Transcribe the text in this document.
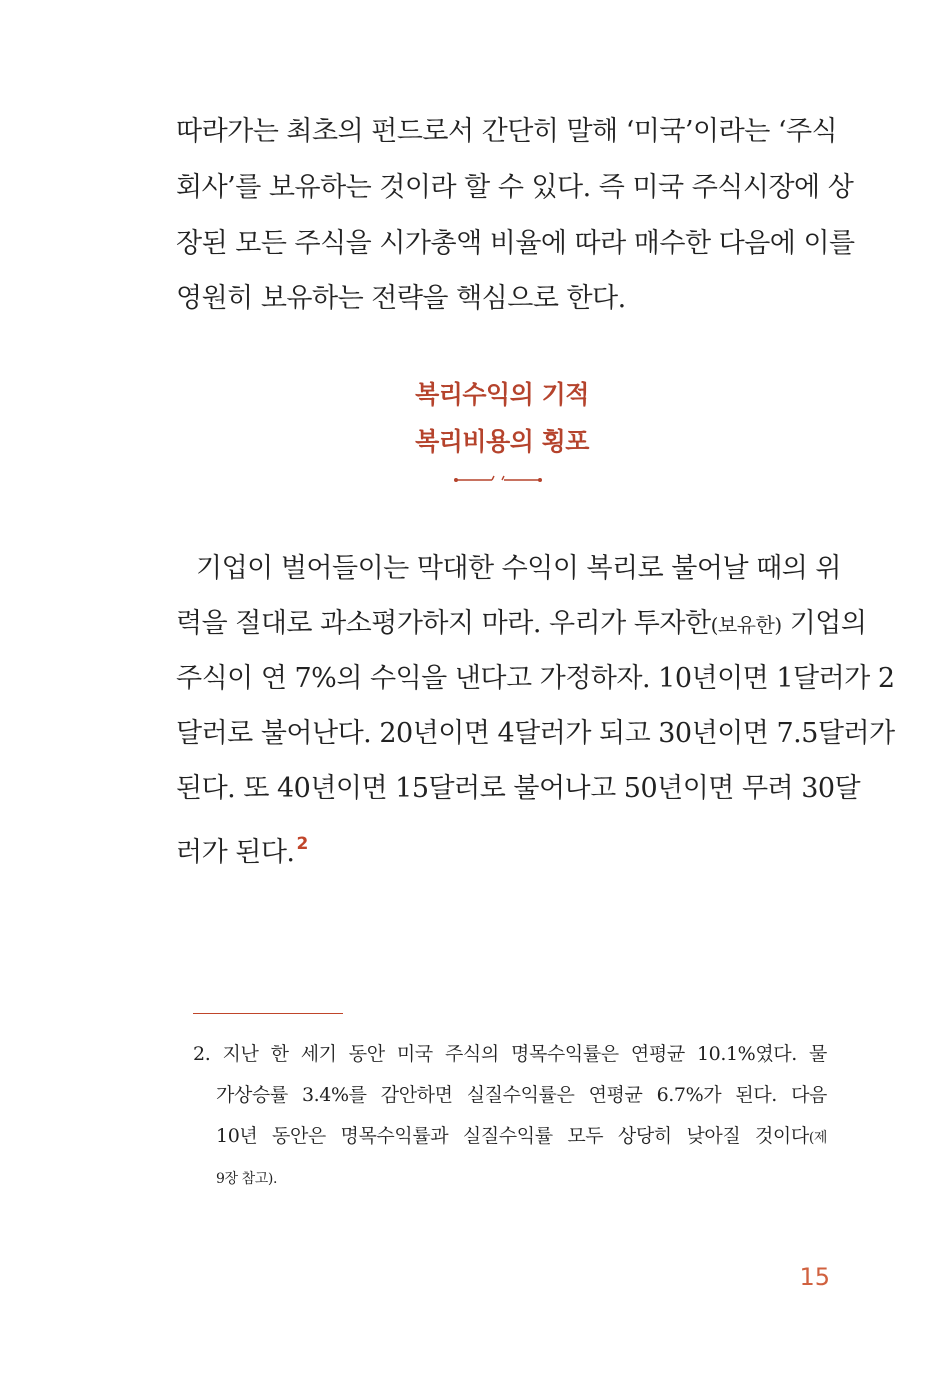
따라가는 최초의 펀드로서 간단히 말해 ‘미국’이라는 ‘주식
회사’를 보유하는 것이라 할 수 있다. 즉 미국 주식시장에 상
장된 모든 주식을 시가총액 비율에 따라 매수한 다음에 이를
영원히 보유하는 전략을 핵심으로 한다.
복리수익의 기적
복리비용의 횡포
기업이 벌어들이는 막대한 수익이 복리로 불어날 때의 위
력을 절대로 과소평가하지 마라. 우리가 투자한(보유한) 기업의
주식이 연 7%의 수익을 낸다고 가정하자. 10년이면 1달러가 2
달러로 불어난다. 20년이면 4달러가 되고 30년이면 7.5달러가
된다. 또 40년이면 15달러로 불어나고 50년이면 무려 30달
러가 된다. $^2$
2. 지난 한 세기 동안 미국 주식의 명목수익률은 연평균 10.1%였다. 물
가상승률 3.4%를 감안하면 실질수익률은 연평균 6.7%가 된다. 다음
10년 동안은 명목수익률과 실질수익률 모두 상당히 낮아질 것이다(제
9장 참고).
15
